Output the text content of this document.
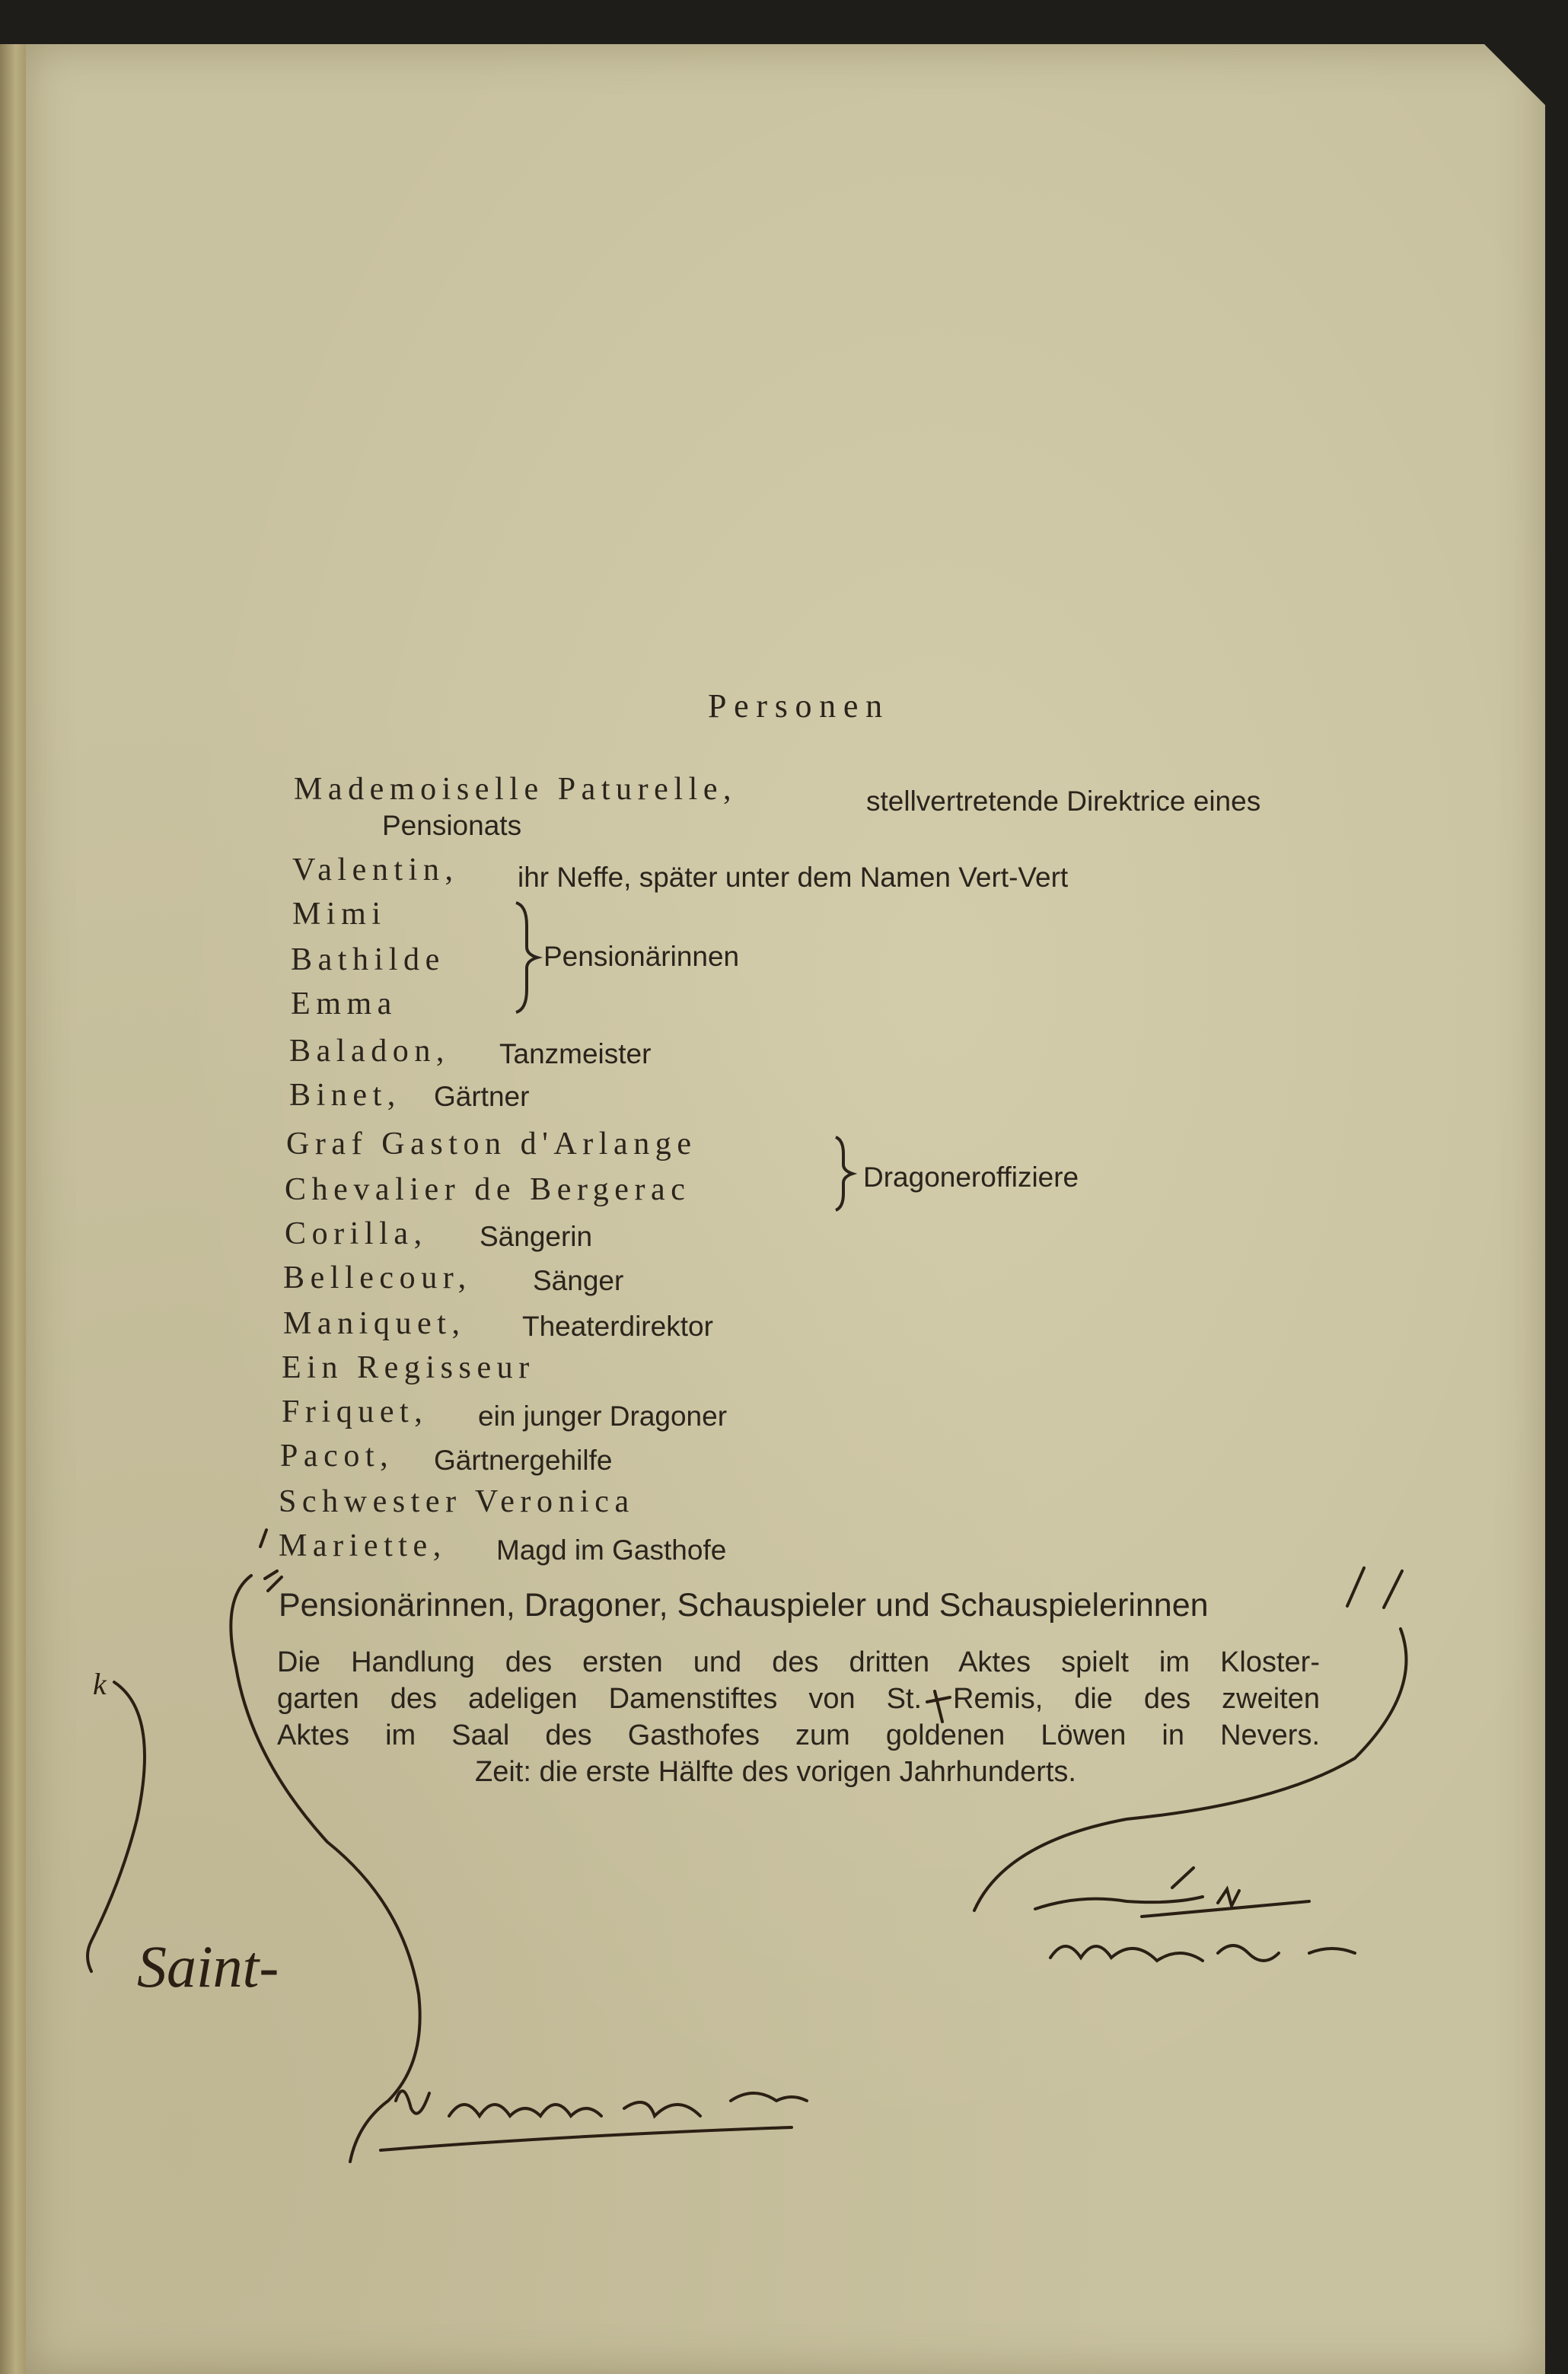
Personen
Mademoiselle Paturelle,	stellvertretende Direktrice eines
Pensionats
Valentin, ihr Neffe, später unter dem Namen Vert-Vert
Mimi
Bathilde
Emma
Pensionärinnen
Baladon, Tanzmeister
Binet, Gärtner
Graf Gaston d'Arlange
Chevalier de Bergerac	Dragoneroffiziere
Corilla, Sängerin
Bellecour, Sänger
Maniquet, Theaterdirektor
Ein Regisseur
Friquet, ein junger Dragoner
Pacot, Gärtnergehilfe
Schwester Veronica
Mariette, Magd im Gasthofe
Pensionärinnen, Dragoner, Schauspieler und Schauspielerinnen
Die Handlung des ersten und des dritten Aktes spielt im Kloster-
garten des adeligen Damenstiftes von St. Remis, die des zweiten
Aktes im Saal des Gasthofes zum goldenen Löwen in Nevers.
Zeit: die erste Hälfte des vorigen Jahrhunderts.
Saint-
k
